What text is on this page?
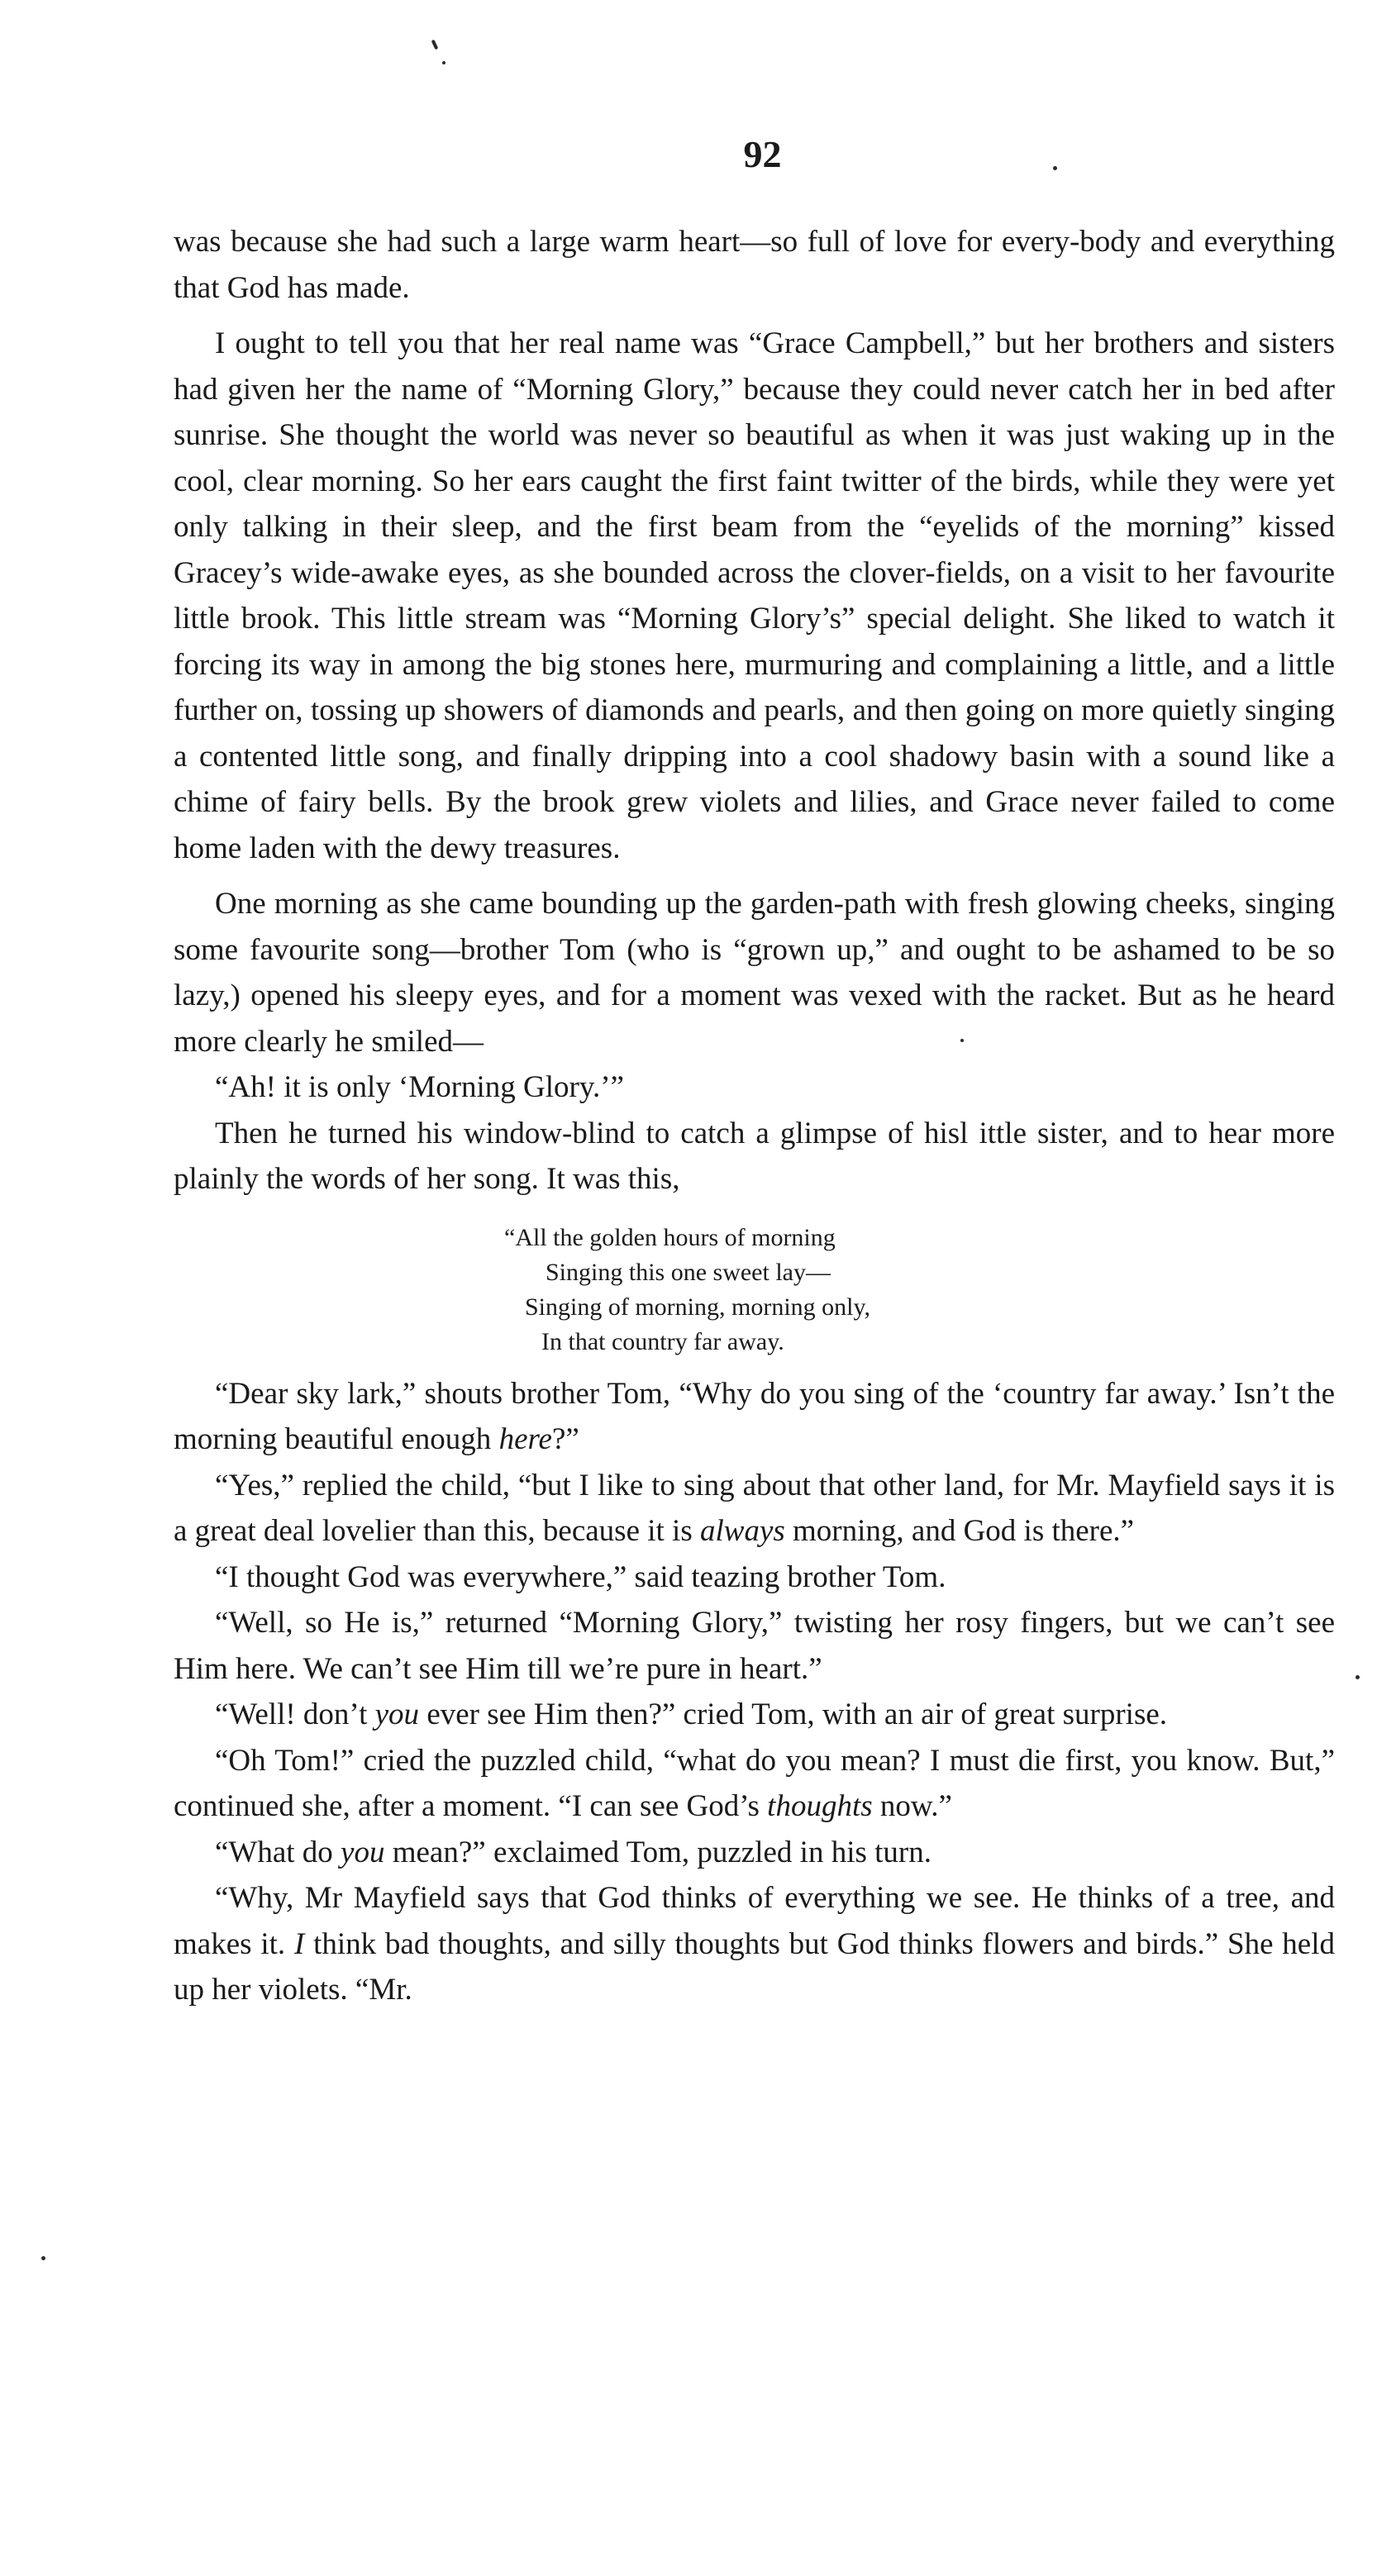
92

was because she had such a large warm heart—so full of love for every-body and everything that God has made.

I ought to tell you that her real name was “Grace Campbell,” but her brothers and sisters had given her the name of “Morning Glory,” because they could never catch her in bed after sunrise. She thought the world was never so beautiful as when it was just waking up in the cool, clear morning. So her ears caught the first faint twitter of the birds, while they were yet only talking in their sleep, and the first beam from the “eyelids of the morning” kissed Gracey’s wide-awake eyes, as she bounded across the clover-fields, on a visit to her favourite little brook. This little stream was “Morning Glory’s” special delight. She liked to watch it forcing its way in among the big stones here, murmuring and complaining a little, and a little further on, tossing up showers of diamonds and pearls, and then going on more quietly singing a contented little song, and finally dripping into a cool shadowy basin with a sound like a chime of fairy bells. By the brook grew violets and lilies, and Grace never failed to come home laden with the dewy treasures.

One morning as she came bounding up the garden-path with fresh glowing cheeks, singing some favourite song—brother Tom (who is “grown up,” and ought to be ashamed to be so lazy,) opened his sleepy eyes, and for a moment was vexed with the racket. But as he heard more clearly he smiled—

“Ah! it is only ‘Morning Glory.’”

Then he turned his window-blind to catch a glimpse of hisl ittle sister, and to hear more plainly the words of her song. It was this,

“All the golden hours of morning
Singing this one sweet lay—
Singing of morning, morning only,
In that country far away.

“Dear sky lark,” shouts brother Tom, “Why do you sing of the ‘country far away.’ Isn’t the morning beautiful enough here?”

“Yes,” replied the child, “but I like to sing about that other land, for Mr. Mayfield says it is a great deal lovelier than this, because it is always morning, and God is there.”

“I thought God was everywhere,” said teazing brother Tom.

“Well, so He is,” returned “Morning Glory,” twisting her rosy fingers, but we can’t see Him here. We can’t see Him till we’re pure in heart.”

“Well! don’t you ever see Him then?” cried Tom, with an air of great surprise.

“Oh Tom!” cried the puzzled child, “what do you mean? I must die first, you know. But,” continued she, after a moment. “I can see God’s thoughts now.”

“What do you mean?” exclaimed Tom, puzzled in his turn.

“Why, Mr Mayfield says that God thinks of everything we see. He thinks of a tree, and makes it. I think bad thoughts, and silly thoughts but God thinks flowers and birds.” She held up her violets. “Mr.
